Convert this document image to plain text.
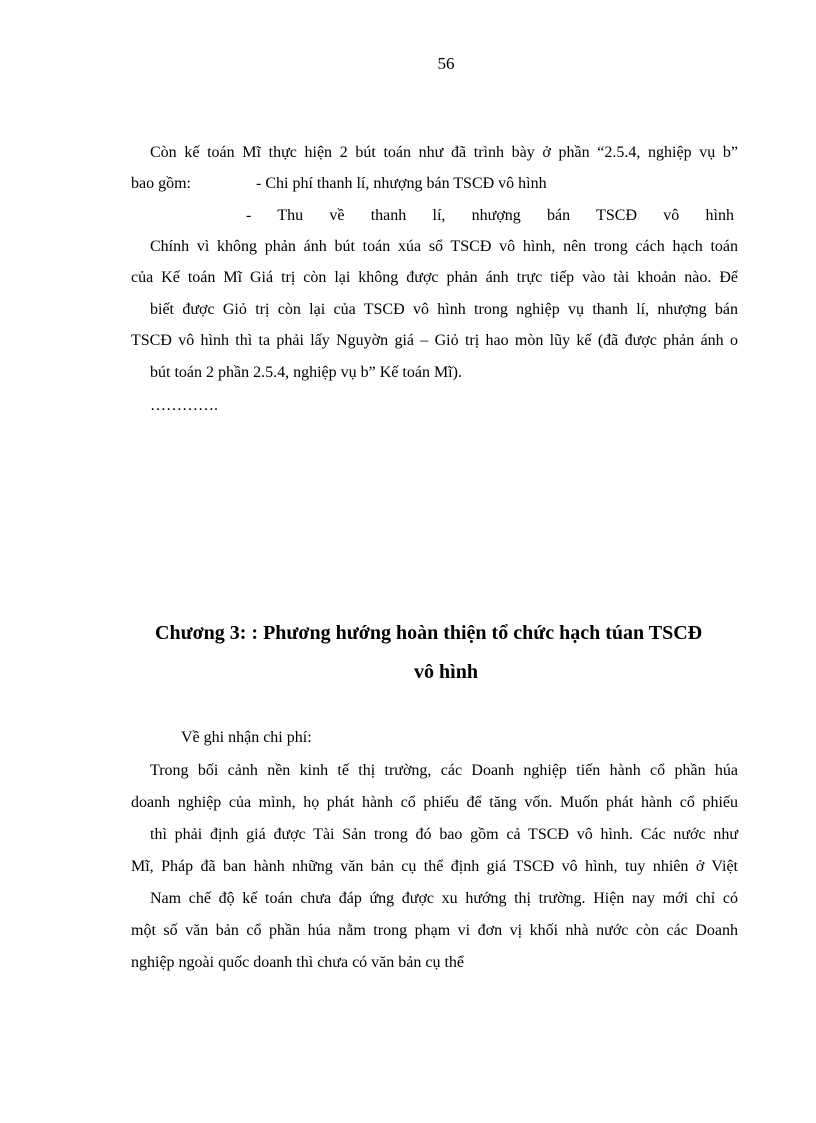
56
Còn kế toán Mĩ thực hiện 2 bút toán như đã trình bày ở phần “2.5.4, nghiệp vụ b”
bao gồm:	- Chi phí thanh lí, nhượng bán TSCĐ vô hình
- Thu về thanh lí, nhượng bán TSCĐ vô hình
Chính vì không phản ánh bút toán xúa sổ TSCĐ vô hình, nên trong cách hạch toán
của Kế toán Mĩ Giá trị còn lại không được phản ánh trực tiếp vào tài khoản nào. Để
biết được Giỏ trị còn lại của TSCĐ vô hình trong nghiệp vụ thanh lí, nhượng bán
TSCĐ vô hình thì ta phải lấy Nguyờn giá – Giỏ trị hao mòn lũy kế (đã được phản ánh o
bút toán 2 phần 2.5.4, nghiệp vụ b” Kế toán Mĩ).
………….
Chương 3: : Phương hướng hoàn thiện tổ chức hạch túan TSCĐ
vô hình
Về ghi nhận chi phí:
Trong bối cảnh nền kinh tế thị trường, các Doanh nghiệp tiến hành cổ phần húa
doanh nghiệp của mình, họ phát hành cổ phiếu để tăng vốn. Muốn phát hành cổ phiếu
thì phải định giá được Tài Sản trong đó bao gồm cả TSCĐ vô hình. Các nước như
Mĩ, Pháp đã ban hành những văn bản cụ thể định giá TSCĐ vô hình, tuy nhiên ở Việt
Nam chế độ kế toán chưa đáp ứng được xu hướng thị trường. Hiện nay mới chỉ có
một số văn bản cổ phần húa nằm trong phạm vi đơn vị khối nhà nước còn các Doanh
nghiệp ngoài quốc doanh thì chưa có văn bản cụ thể
